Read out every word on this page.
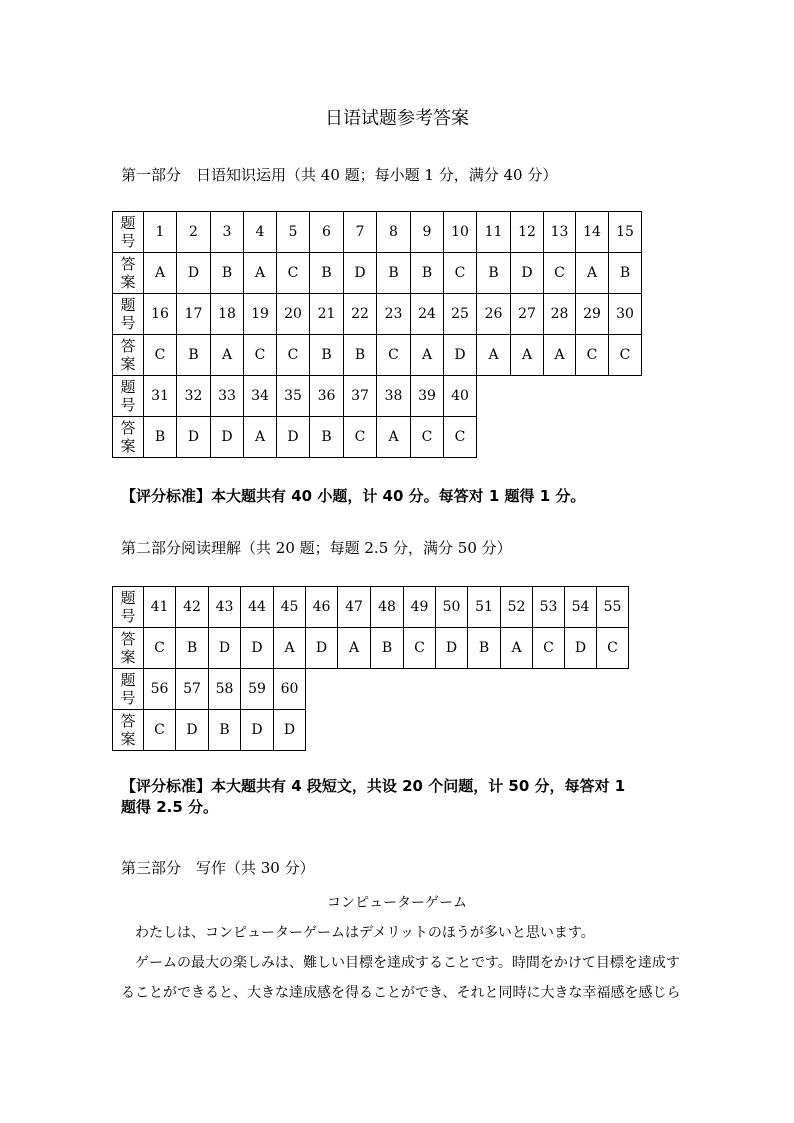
日语试题参考答案
第一部分　日语知识运用（共 40 题；每小题 1 分，满分 40 分）
题
号	1	2	3	4	5	6	7	8	9	10	11	12	13	14	15
答
案	A	D	B	A	C	B	D	B	B	C	B	D	C	A	B
题
号	16	17	18	19	20	21	22	23	24	25	26	27	28	29	30
答
案	C	B	A	C	C	B	B	C	A	D	A	A	A	C	C
题
号	31	32	33	34	35	36	37	38	39	40					
答
案	B	D	D	A	D	B	C	A	C	C					
【评分标准】本大题共有 40 小题，计 40 分。每答对 1 题得 1 分。
第二部分阅读理解（共 20 题；每题 2.5 分，满分 50 分）
题
号	41	42	43	44	45	46	47	48	49	50	51	52	53	54	55
答
案	C	B	D	D	A	D	A	B	C	D	B	A	C	D	C
题
号	56	57	58	59	60										
答
案	C	D	B	D	D										
【评分标准】本大题共有 4 段短文，共设 20 个问题，计 50 分，每答对 1
题得 2.5 分。
第三部分　写作（共 30 分）
コンピューターゲーム
　わたしは、コンピューターゲームはデメリットのほうが多いと思います。
　ゲームの最大の楽しみは、難しい目標を達成することです。時間をかけて目標を達成することができると、大きな達成感を得ることができ、それと同時に大きな幸福感を感じら
